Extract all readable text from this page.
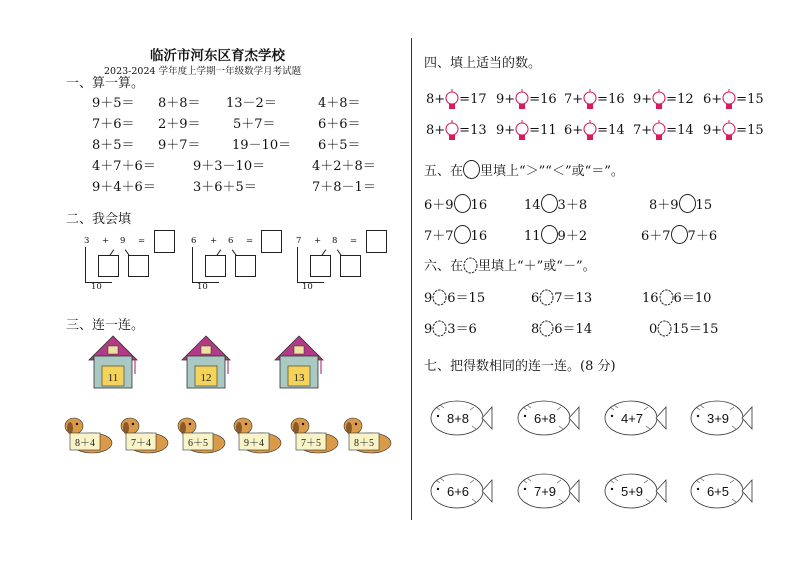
临沂市河东区育杰学校
2023-2024 学年度上学期一年级数学月考试题
一、算一算。
9＋5＝ 8＋8＝ 13－2＝	4＋8＝
7＋6＝ 2＋9＝ 5＋7＝	6＋6＝
8＋5＝ 9＋7＝ 19－10＝ 6＋5＝
4＋7＋6＝	9＋3－10＝	4＋2＋8＝
9＋4＋6＝	3＋6＋5＝	7＋8－1＝
二、我会填
3 + 9 =
10
6 + 6 =
10
7 + 8 =
10
三、连一连。
11	12	13
8＋4	7＋4	6＋5	9＋4	7＋5	8＋5
四、填上适当的数。
8+ =17 9+ =16 7+ =16 9+ =12 6+ =15
8+ =13 9+ =11 6+ =14 7+ =14 9+ =15
五、在 里填上“＞”“＜”或“＝”。
6＋9 16	14 3＋8	8＋9 15
7＋7 16	11 9＋2	6＋7 7＋6
六、在 里填上“＋”或“－”。
9 6＝15	6 7＝13	16 6＝10
9 3＝6	8 6＝14	0 15＝15
七、把得数相同的连一连。(8 分)
8+8	6+8	4+7	3+9
6+6	7+9	5+9	6+5
